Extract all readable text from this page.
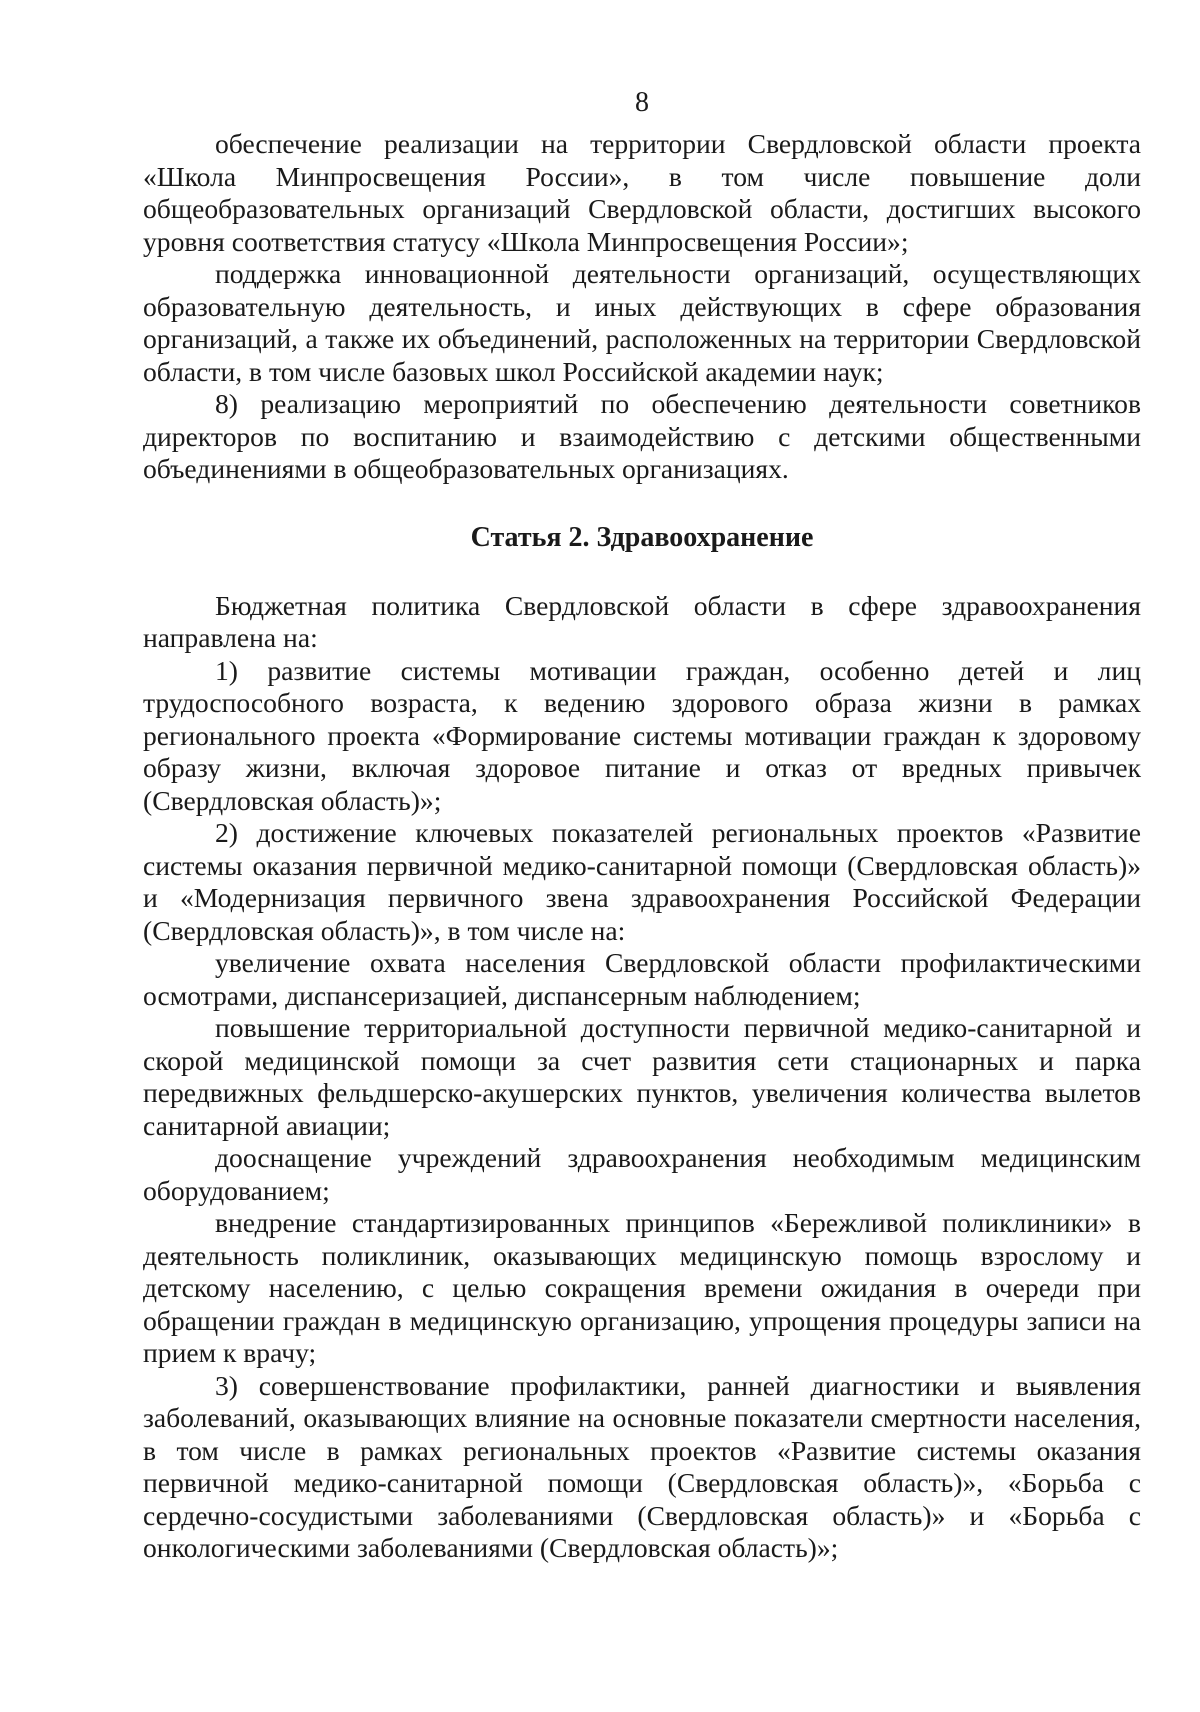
8

обеспечение реализации на территории Свердловской области проекта «Школа Минпросвещения России», в том числе повышение доли общеобразовательных организаций Свердловской области, достигших высокого уровня соответствия статусу «Школа Минпросвещения России»;

поддержка инновационной деятельности организаций, осуществляющих образовательную деятельность, и иных действующих в сфере образования организаций, а также их объединений, расположенных на территории Свердловской области, в том числе базовых школ Российской академии наук;

8) реализацию мероприятий по обеспечению деятельности советников директоров по воспитанию и взаимодействию с детскими общественными объединениями в общеобразовательных организациях.

Статья 2. Здравоохранение

Бюджетная политика Свердловской области в сфере здравоохранения направлена на:

1) развитие системы мотивации граждан, особенно детей и лиц трудоспособного возраста, к ведению здорового образа жизни в рамках регионального проекта «Формирование системы мотивации граждан к здоровому образу жизни, включая здоровое питание и отказ от вредных привычек (Свердловская область)»;

2) достижение ключевых показателей региональных проектов «Развитие системы оказания первичной медико-санитарной помощи (Свердловская область)» и «Модернизация первичного звена здравоохранения Российской Федерации (Свердловская область)», в том числе на:

увеличение охвата населения Свердловской области профилактическими осмотрами, диспансеризацией, диспансерным наблюдением;

повышение территориальной доступности первичной медико-санитарной и скорой медицинской помощи за счет развития сети стационарных и парка передвижных фельдшерско-акушерских пунктов, увеличения количества вылетов санитарной авиации;

дооснащение учреждений здравоохранения необходимым медицинским оборудованием;

внедрение стандартизированных принципов «Бережливой поликлиники» в деятельность поликлиник, оказывающих медицинскую помощь взрослому и детскому населению, с целью сокращения времени ожидания в очереди при обращении граждан в медицинскую организацию, упрощения процедуры записи на прием к врачу;

3) совершенствование профилактики, ранней диагностики и выявления заболеваний, оказывающих влияние на основные показатели смертности населения, в том числе в рамках региональных проектов «Развитие системы оказания первичной медико-санитарной помощи (Свердловская область)», «Борьба с сердечно-сосудистыми заболеваниями (Свердловская область)» и «Борьба с онкологическими заболеваниями (Свердловская область)»;
